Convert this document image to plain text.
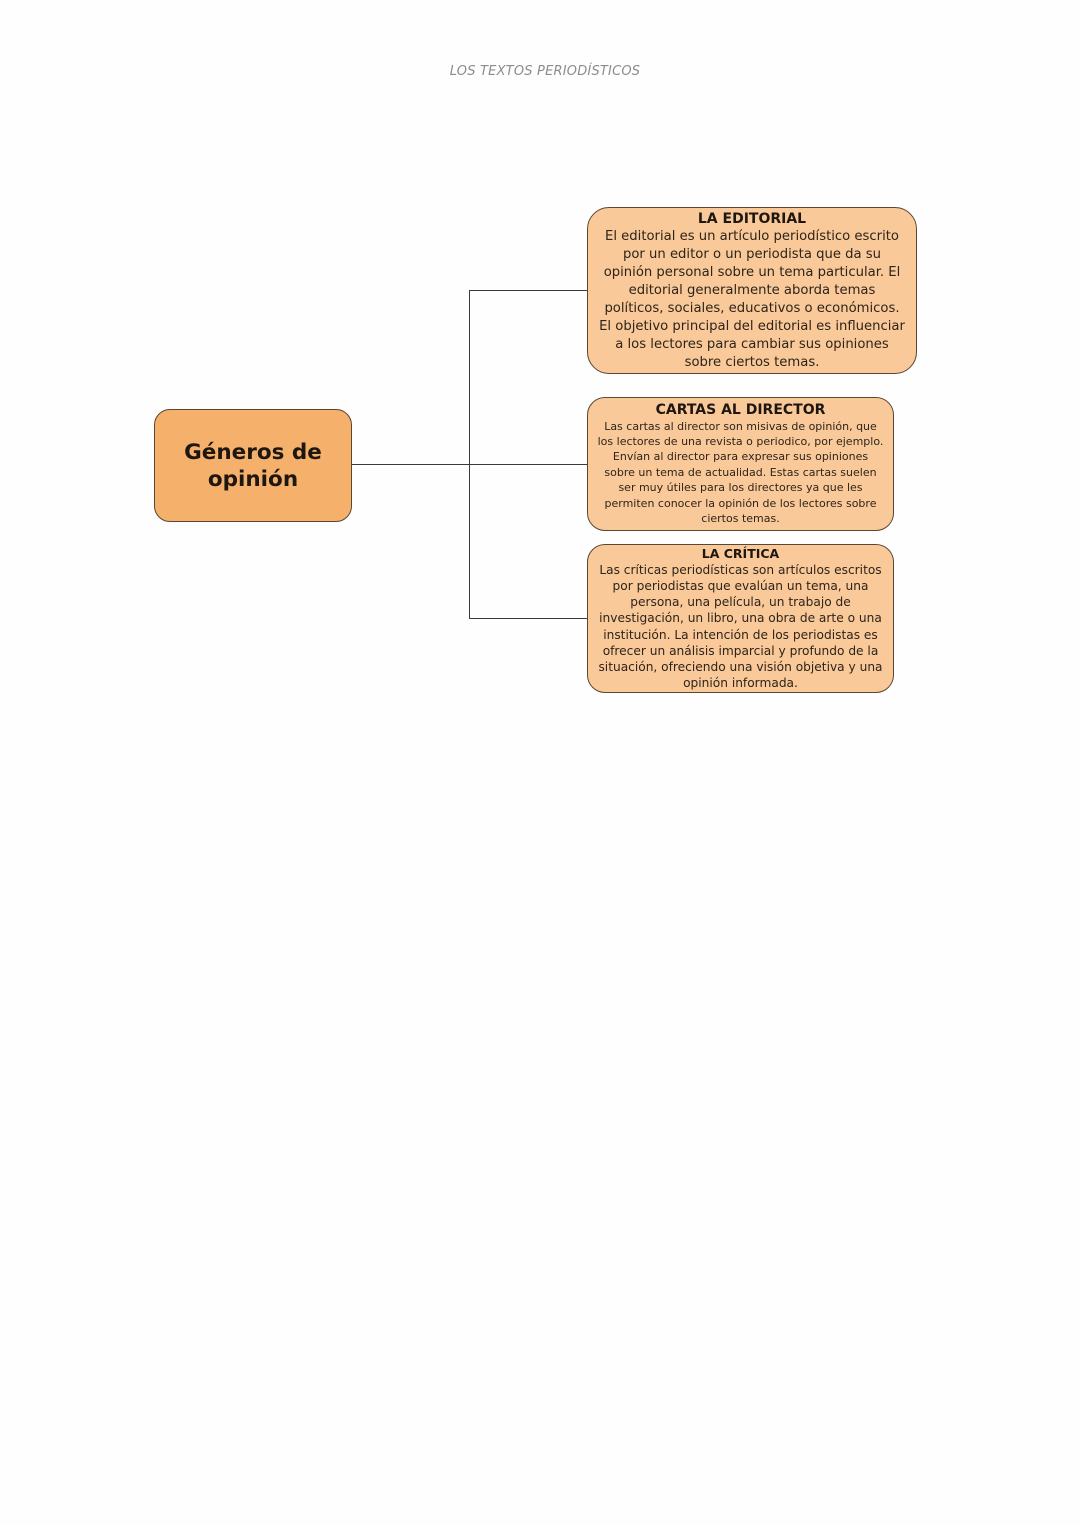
LOS TEXTOS PERIODÍSTICOS
Géneros de opinión
LA EDITORIAL
El editorial es un artículo periodístico escrito por un editor o un periodista que da su opinión personal sobre un tema particular. El editorial generalmente aborda temas políticos, sociales, educativos o económicos. El objetivo principal del editorial es influenciar a los lectores para cambiar sus opiniones sobre ciertos temas.
CARTAS AL DIRECTOR
Las cartas al director son misivas de opinión, que los lectores de una revista o periodico, por ejemplo. Envían al director para expresar sus opiniones sobre un tema de actualidad. Estas cartas suelen ser muy útiles para los directores ya que les permiten conocer la opinión de los lectores sobre ciertos temas.
LA CRÍTICA
Las críticas periodísticas son artículos escritos por periodistas que evalúan un tema, una persona, una película, un trabajo de investigación, un libro, una obra de arte o una institución. La intención de los periodistas es ofrecer un análisis imparcial y profundo de la situación, ofreciendo una visión objetiva y una opinión informada.
